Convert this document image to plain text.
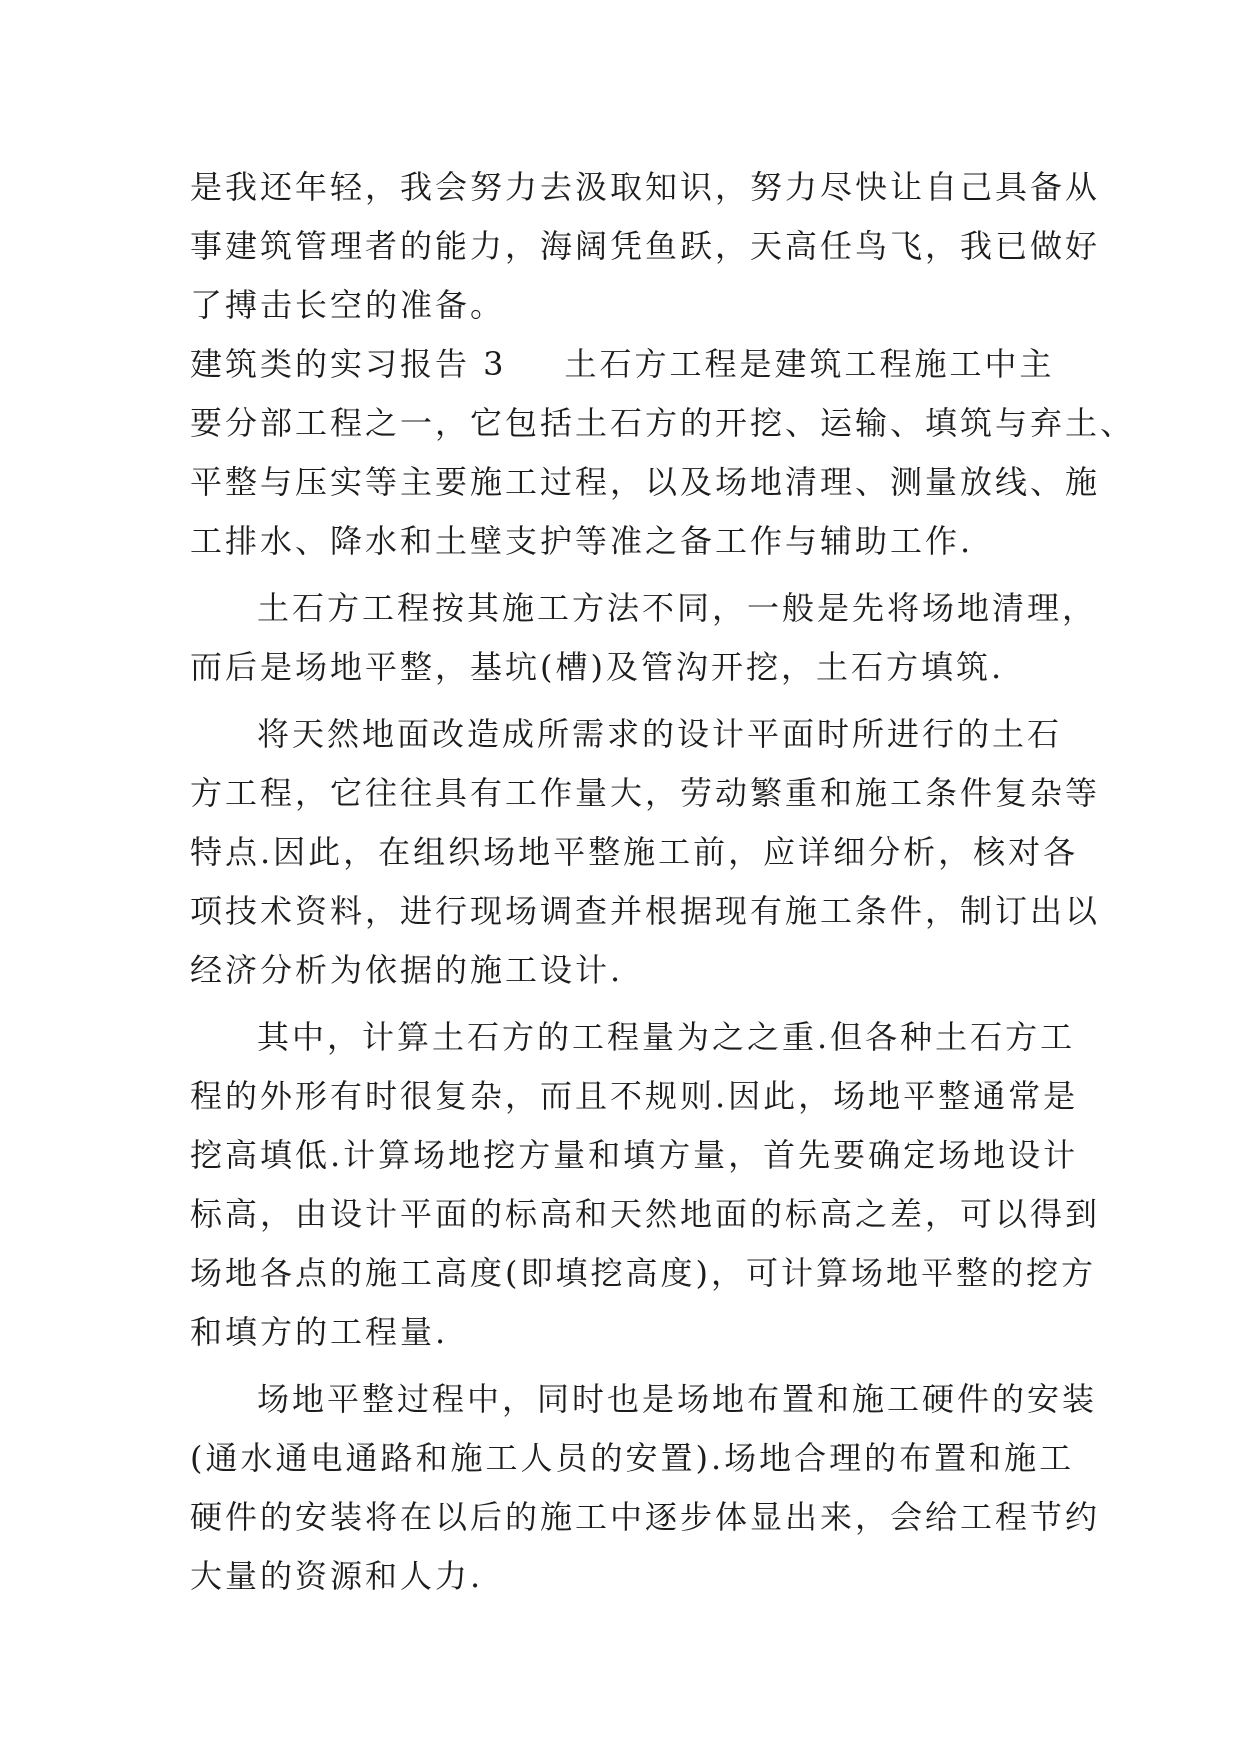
是我还年轻，我会努力去汲取知识，努力尽快让自己具备从
事建筑管理者的能力，海阔凭鱼跃，天高任鸟飞，我已做好
了搏击长空的准备。
建筑类的实习报告 3 土石方工程是建筑工程施工中主
要分部工程之一，它包括土石方的开挖、运输、填筑与弃土、
平整与压实等主要施工过程，以及场地清理、测量放线、施
工排水、降水和土壁支护等准之备工作与辅助工作.
土石方工程按其施工方法不同，一般是先将场地清理，
而后是场地平整，基坑(槽)及管沟开挖，土石方填筑.
将天然地面改造成所需求的设计平面时所进行的土石
方工程，它往往具有工作量大，劳动繁重和施工条件复杂等
特点.因此，在组织场地平整施工前，应详细分析，核对各
项技术资料，进行现场调查并根据现有施工条件，制订出以
经济分析为依据的施工设计.
其中，计算土石方的工程量为之之重.但各种土石方工
程的外形有时很复杂，而且不规则.因此，场地平整通常是
挖高填低.计算场地挖方量和填方量，首先要确定场地设计
标高，由设计平面的标高和天然地面的标高之差，可以得到
场地各点的施工高度(即填挖高度)，可计算场地平整的挖方
和填方的工程量.
场地平整过程中，同时也是场地布置和施工硬件的安装
(通水通电通路和施工人员的安置).场地合理的布置和施工
硬件的安装将在以后的施工中逐步体显出来，会给工程节约
大量的资源和人力.
